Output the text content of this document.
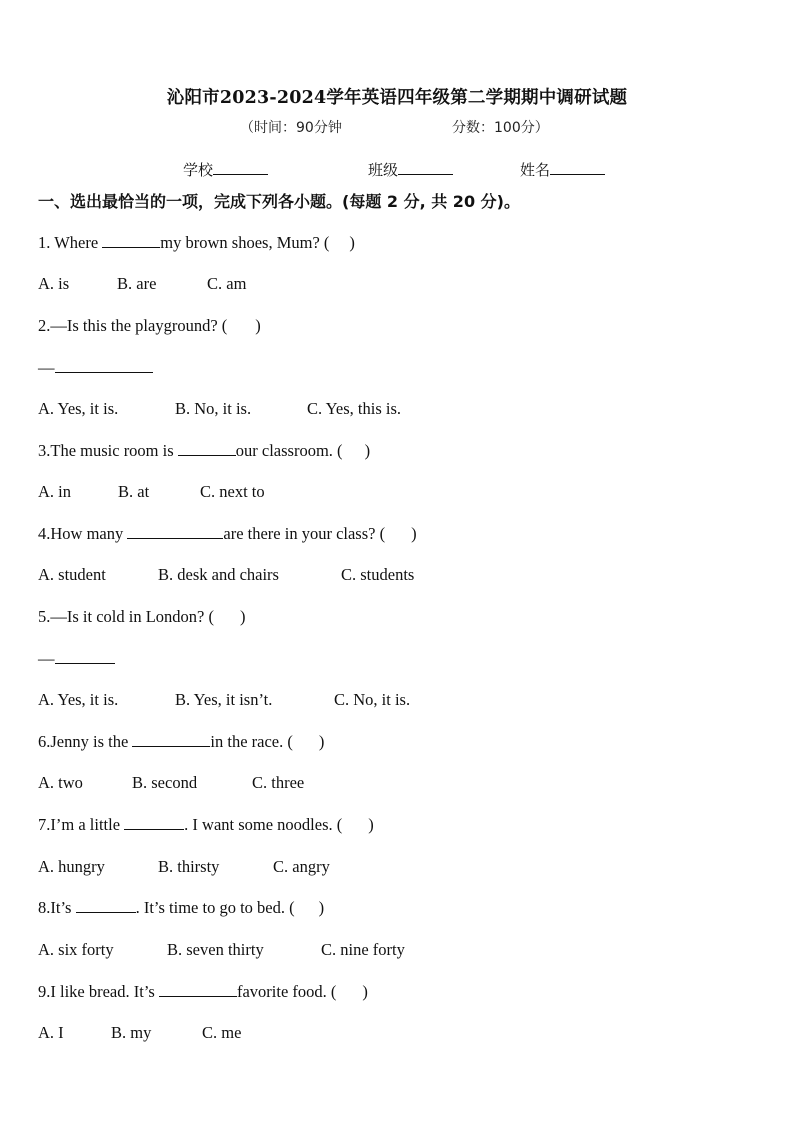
沁阳市2023-2024学年英语四年级第二学期期中调研试题
（时间：90分钟	分数：100分）
学校	班级	姓名
一、选出最恰当的一项，完成下列各小题。(每题 2 分, 共 20 分)。
1. Where	my brown shoes, Mum? ( )
A. is	B. are	C. am
2.—Is this the playground? ( )
—
A. Yes, it is.	B. No, it is.	C. Yes, this is.
3.The music room is	our classroom. ( )
A. in	B. at	C. next to
4.How many	are there in your class? ( )
A. student	B. desk and chairs	C. students
5.—Is it cold in London? ( )
—
A. Yes, it is.	B. Yes, it isn’t.	C. No, it is.
6.Jenny is the	in the race. ( )
A. two	B. second	C. three
7.I’m a little	. I want some noodles. ( )
A. hungry	B. thirsty	C. angry
8.It’s	. It’s time to go to bed. ( )
A. six forty	B. seven thirty	C. nine forty
9.I like bread. It’s	favorite food. ( )
A. I	B. my	C. me
